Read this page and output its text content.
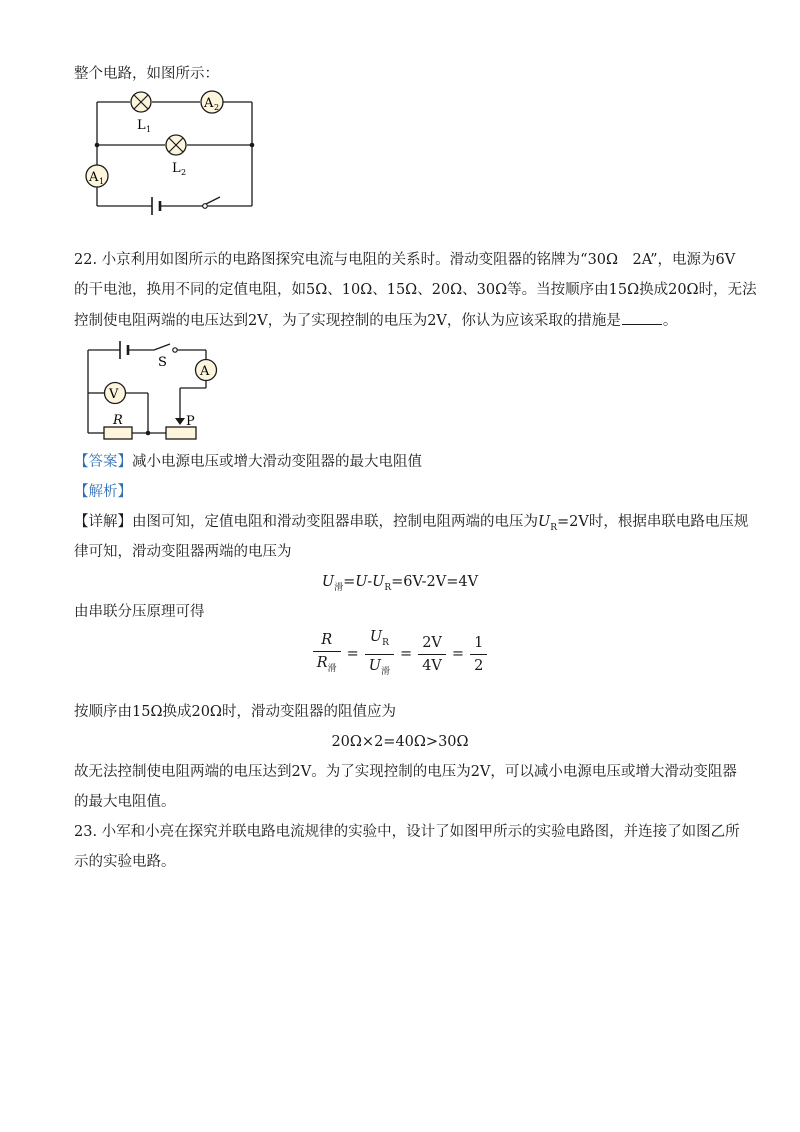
整个电路，如图所示：
L 1
A 2
L 2
A 1
22. 小京利用如图所示的电路图探究电流与电阻的关系时。滑动变阻器的铭牌为“30Ω　2A”，电源为6V
的干电池，换用不同的定值电阻，如5Ω、10Ω、15Ω、20Ω、30Ω等。当按顺序由15Ω换成20Ω时，无法
控制使电阻两端的电压达到2V，为了实现控制的电压为2V，你认为应该采取的措施是	。
S
A
V
R	P
【答案】减小电源电压或增大滑动变阻器的最大电阻值
【解析】
【详解】由图可知，定值电阻和滑动变阻器串联，控制电阻两端的电压为$U_R=2V$时，根据串联电路电压规
律可知，滑动变阻器两端的电压为
$U_滑=U-U_R=6V-2V=4V$
由串联分压原理可得
$\frac{R}{R_滑} = \frac{U_R}{U_滑} = \frac{2V}{4V} = \frac{1}{2}$
按顺序由15Ω换成20Ω时，滑动变阻器的阻值应为
20Ω×2=40Ω>30Ω
故无法控制使电阻两端的电压达到2V。为了实现控制的电压为2V，可以减小电源电压或增大滑动变阻器
的最大电阻值。
23. 小军和小亮在探究并联电路电流规律的实验中，设计了如图甲所示的实验电路图，并连接了如图乙所
示的实验电路。
